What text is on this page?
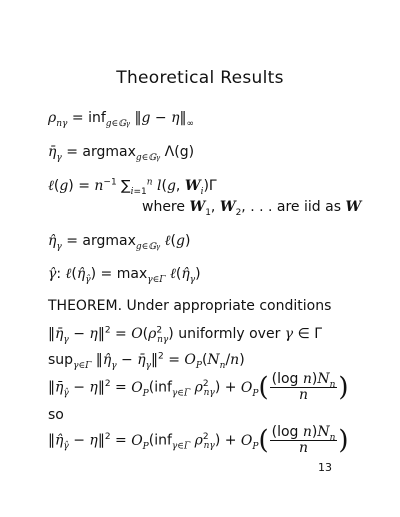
Theoretical Results
$\rho_{n\gamma} = inf_{g\in 𝔾\gamma}$ ‖g − $\eta‖_\infty$
$\etā_\gamma = argmax_{g\in 𝔾\gamma}$ Λ(g)
ℓ(g) = $n^{-1}$ $\sum_{i=1}^n$ l(g, $W_i)\Gamma$
where $W_1$, $W_2$, . . . are iid as W
$\etâ_\gamma = argmax_{g\in 𝔾\gamma}$ ℓ(g)
γ̂: $\ell(\etâ_{\gammâ}) = \max_{\gamma\in\Gamma}$ $\ell(\etâ_\gamma)$
THEOREM. Under appropriate conditions
$‖\etā_\gamma$ − η‖$^2$ = $O(\rho^2_{n\gamma})$ uniformly over γ ∈ Γ
sup$_{\gamma\in\Gamma}$ $‖\etâ_\gamma$ − $\etā_\gamma‖^2 = O_P(N_n/n)$
$‖\etā_{\gammâ}$ − η‖$^2$ = $O_P(inf_{\gamma\in\Gamma}$ $\rho^2_{n\gamma}) + O_P( \frac{(\log n)N_n}{n}$ )
so
$‖\etâ_{\gammâ}$ − η‖$^2$ = $O_P(inf_{\gamma\in\Gamma}$ $\rho^2_{n\gamma}) + O_P( \frac{(\log n)N_n}{n}$ )
13
